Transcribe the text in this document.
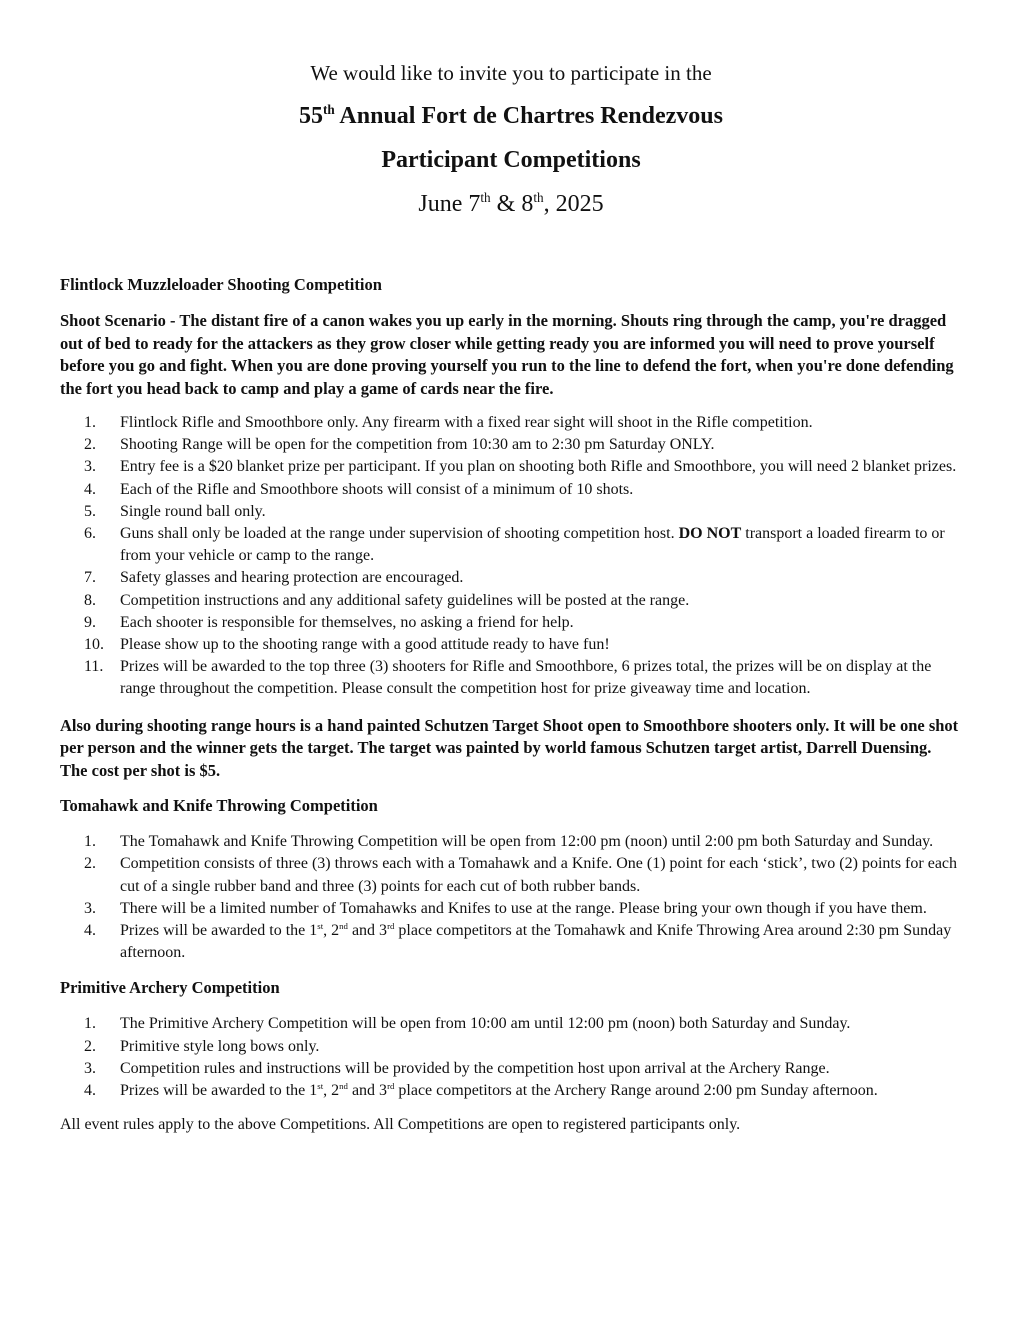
We would like to invite you to participate in the

55th Annual Fort de Chartres Rendezvous

Participant Competitions

June 7th & 8th, 2025

Flintlock Muzzleloader Shooting Competition

Shoot Scenario - The distant fire of a canon wakes you up early in the morning. Shouts ring through the camp, you're dragged out of bed to ready for the attackers as they grow closer while getting ready you are informed you will need to prove yourself before you go and fight. When you are done proving yourself you run to the line to defend the fort, when you're done defending the fort you head back to camp and play a game of cards near the fire.

1.	Flintlock Rifle and Smoothbore only. Any firearm with a fixed rear sight will shoot in the Rifle competition.
2.	Shooting Range will be open for the competition from 10:30 am to 2:30 pm Saturday ONLY.
3.	Entry fee is a $20 blanket prize per participant. If you plan on shooting both Rifle and Smoothbore, you will need 2 blanket prizes.
4.	Each of the Rifle and Smoothbore shoots will consist of a minimum of 10 shots.
5.	Single round ball only.
6.	Guns shall only be loaded at the range under supervision of shooting competition host. DO NOT transport a loaded firearm to or from your vehicle or camp to the range.
7.	Safety glasses and hearing protection are encouraged.
8.	Competition instructions and any additional safety guidelines will be posted at the range.
9.	Each shooter is responsible for themselves, no asking a friend for help.
10.	Please show up to the shooting range with a good attitude ready to have fun!
11.	Prizes will be awarded to the top three (3) shooters for Rifle and Smoothbore, 6 prizes total, the prizes will be on display at the range throughout the competition. Please consult the competition host for prize giveaway time and location.

Also during shooting range hours is a hand painted Schutzen Target Shoot open to Smoothbore shooters only. It will be one shot per person and the winner gets the target. The target was painted by world famous Schutzen target artist, Darrell Duensing. The cost per shot is $5.

Tomahawk and Knife Throwing Competition

1.	The Tomahawk and Knife Throwing Competition will be open from 12:00 pm (noon) until 2:00 pm both Saturday and Sunday.
2.	Competition consists of three (3) throws each with a Tomahawk and a Knife. One (1) point for each ‘stick’, two (2) points for each cut of a single rubber band and three (3) points for each cut of both rubber bands.
3.	There will be a limited number of Tomahawks and Knifes to use at the range. Please bring your own though if you have them.
4.	Prizes will be awarded to the 1st, 2nd and 3rd place competitors at the Tomahawk and Knife Throwing Area around 2:30 pm Sunday afternoon.

Primitive Archery Competition

1.	The Primitive Archery Competition will be open from 10:00 am until 12:00 pm (noon) both Saturday and Sunday.
2.	Primitive style long bows only.
3.	Competition rules and instructions will be provided by the competition host upon arrival at the Archery Range.
4.	Prizes will be awarded to the 1st, 2nd and 3rd place competitors at the Archery Range around 2:00 pm Sunday afternoon.

All event rules apply to the above Competitions. All Competitions are open to registered participants only.
